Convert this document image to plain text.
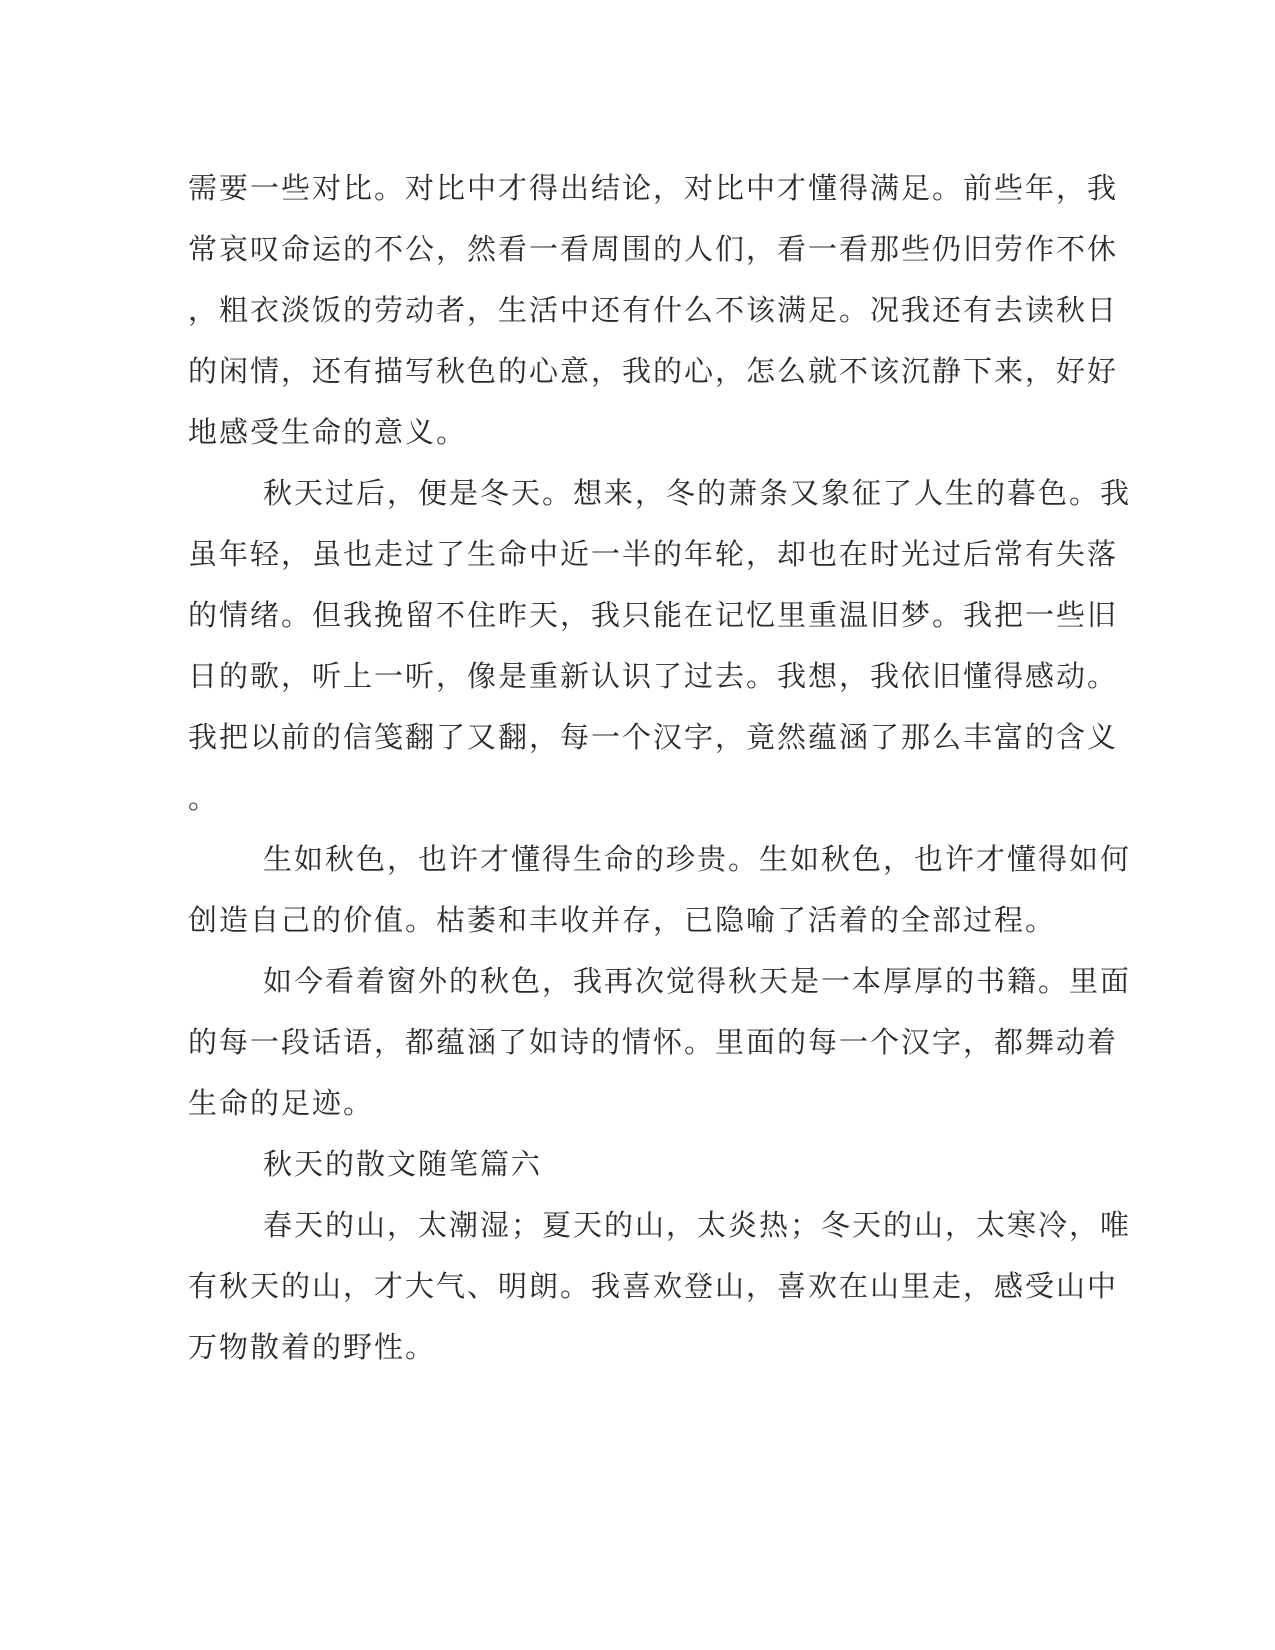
需要一些对比。对比中才得出结论，对比中才懂得满足。前些年，我
常哀叹命运的不公，然看一看周围的人们，看一看那些仍旧劳作不休
，粗衣淡饭的劳动者，生活中还有什么不该满足。况我还有去读秋日
的闲情，还有描写秋色的心意，我的心，怎么就不该沉静下来，好好
地感受生命的意义。
秋天过后，便是冬天。想来，冬的萧条又象征了人生的暮色。我
虽年轻，虽也走过了生命中近一半的年轮，却也在时光过后常有失落
的情绪。但我挽留不住昨天，我只能在记忆里重温旧梦。我把一些旧
日的歌，听上一听，像是重新认识了过去。我想，我依旧懂得感动。
我把以前的信笺翻了又翻，每一个汉字，竟然蕴涵了那么丰富的含义
。
生如秋色，也许才懂得生命的珍贵。生如秋色，也许才懂得如何
创造自己的价值。枯萎和丰收并存，已隐喻了活着的全部过程。
如今看着窗外的秋色，我再次觉得秋天是一本厚厚的书籍。里面
的每一段话语，都蕴涵了如诗的情怀。里面的每一个汉字，都舞动着
生命的足迹。
秋天的散文随笔篇六
春天的山，太潮湿；夏天的山，太炎热；冬天的山，太寒冷，唯
有秋天的山，才大气、明朗。我喜欢登山，喜欢在山里走，感受山中
万物散着的野性。
